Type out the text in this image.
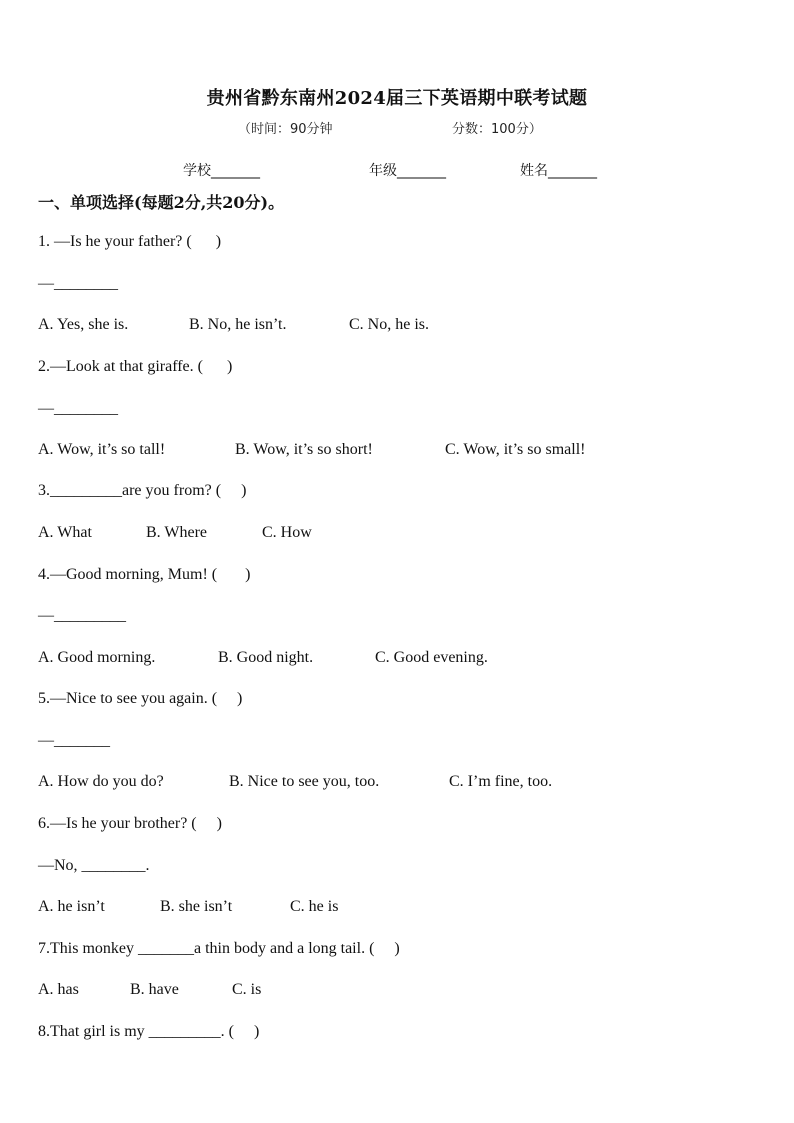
贵州省黔东南州2024届三下英语期中联考试题
（时间：90分钟	分数：100分）
学校_______	年级_______	姓名_______
一、单项选择(每题2分,共20分)。
1. —Is he your father? (      )
—________
A. Yes, she is.	B. No, he isn’t.	C. No, he is.
2.—Look at that giraffe. (      )
—________
A. Wow, it’s so tall!	B. Wow, it’s so short!	C. Wow, it’s so small!
3._________are you from? (     )
A. What	B. Where	C. How
4.—Good morning, Mum! (       )
—_________
A. Good morning.	B. Good night.	C. Good evening.
5.—Nice to see you again. (     )
—_______
A. How do you do?	B. Nice to see you, too.	C. I’m fine, too.
6.—Is he your brother? (     )
—No, ________.
A. he isn’t	B. she isn’t	C. he is
7.This monkey _______a thin body and a long tail. (     )
A. has	B. have	C. is
8.That girl is my _________. (     )
